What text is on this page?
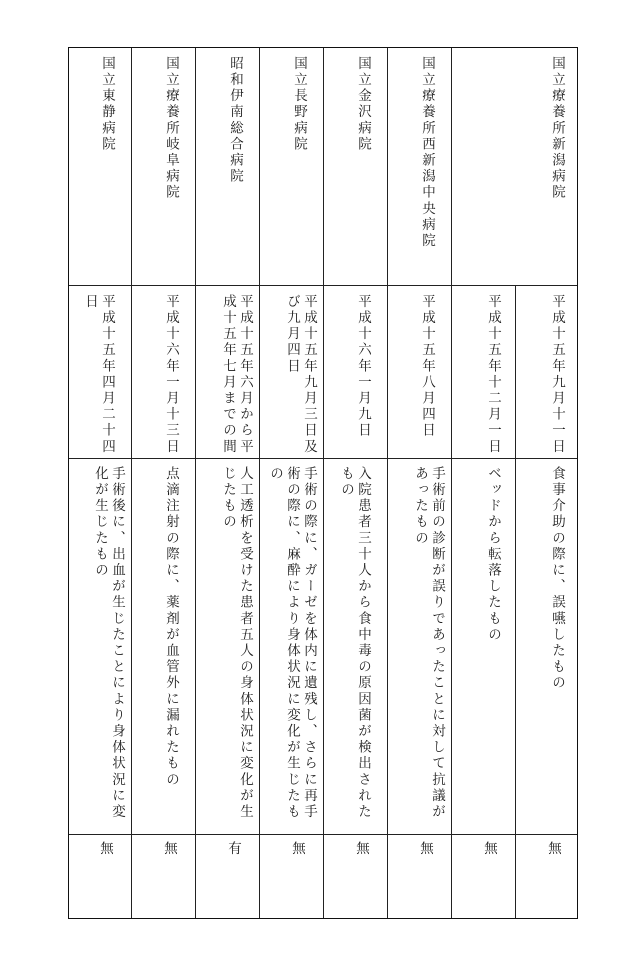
国立療養所新潟病院
平成十五年九月十一日
食事介助の際に、誤嚥したもの
無
平成十五年十二月一日
ベッドから転落したもの
無
国立療養所西新潟中央病院
平成十五年八月四日
手術前の診断が誤りであったことに対して抗議があったもの
無
国立金沢病院
平成十六年一月九日
入院患者三十人から食中毒の原因菌が検出されたもの
無
国立長野病院
平成十五年九月三日及び九月四日
手術の際に、ガーゼを体内に遺残し、さらに再手術の際に、麻酔により身体状況に変化が生じたもの
無
昭和伊南総合病院
平成十五年六月から平成十五年七月までの間
人工透析を受けた患者五人の身体状況に変化が生じたもの
有
国立療養所岐阜病院
平成十六年一月十三日
点滴注射の際に、薬剤が血管外に漏れたもの
無
国立東静病院
平成十五年四月二十四日
手術後に、出血が生じたことにより身体状況に変化が生じたもの
無
